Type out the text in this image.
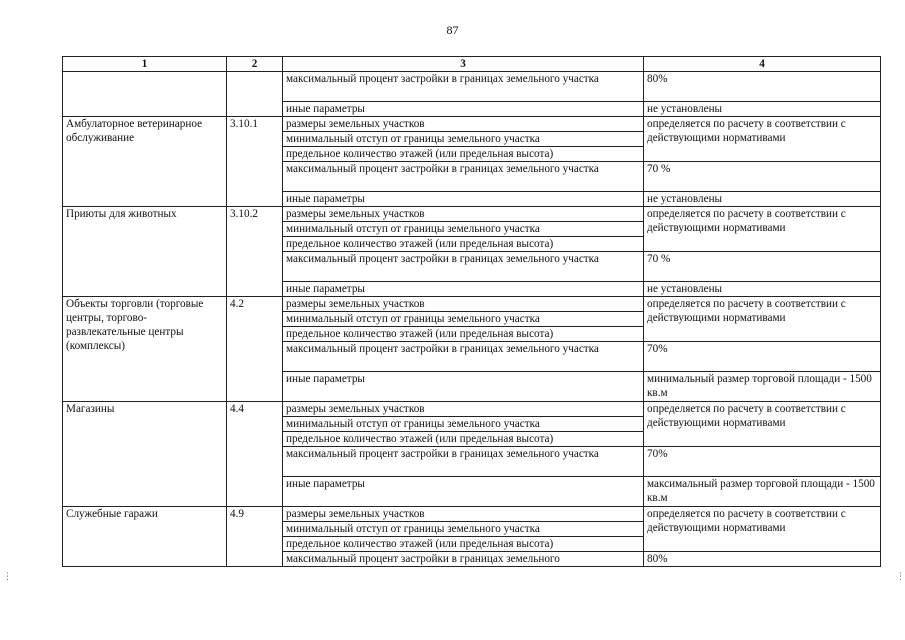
87
1	2	3	4
		максимальный процент застройки в границах земельного участка	80%
		иные параметры	не установлены
Амбулаторное ветеринарное обслуживание	3.10.1	размеры земельных участков	определяется по расчету в соответствии с действующими нормативами
		минимальный отступ от границы земельного участка	
		предельное количество этажей (или предельная высота)	
		максимальный процент застройки в границах земельного участка	70 %
		иные параметры	не установлены
Приюты для животных	3.10.2	размеры земельных участков	определяется по расчету в соответствии с действующими нормативами
		минимальный отступ от границы земельного участка	
		предельное количество этажей (или предельная высота)	
		максимальный процент застройки в границах земельного участка	70 %
		иные параметры	не установлены
Объекты торговли (торговые центры, торгово-развлекательные центры (комплексы)	4.2	размеры земельных участков	определяется по расчету в соответствии с действующими нормативами
		минимальный отступ от границы земельного участка	
		предельное количество этажей (или предельная высота)	
		максимальный процент застройки в границах земельного участка	70%
		иные параметры	минимальный размер торговой площади - 1500 кв.м
Магазины	4.4	размеры земельных участков	определяется по расчету в соответствии с действующими нормативами
		минимальный отступ от границы земельного участка	
		предельное количество этажей (или предельная высота)	
		максимальный процент застройки в границах земельного участка	70%
		иные параметры	максимальный размер торговой площади - 1500 кв.м
Служебные гаражи	4.9	размеры земельных участков	определяется по расчету в соответствии с действующими нормативами
		минимальный отступ от границы земельного участка	
		предельное количество этажей (или предельная высота)	
		максимальный процент застройки в границах земельного	80%
⋮	⋮
